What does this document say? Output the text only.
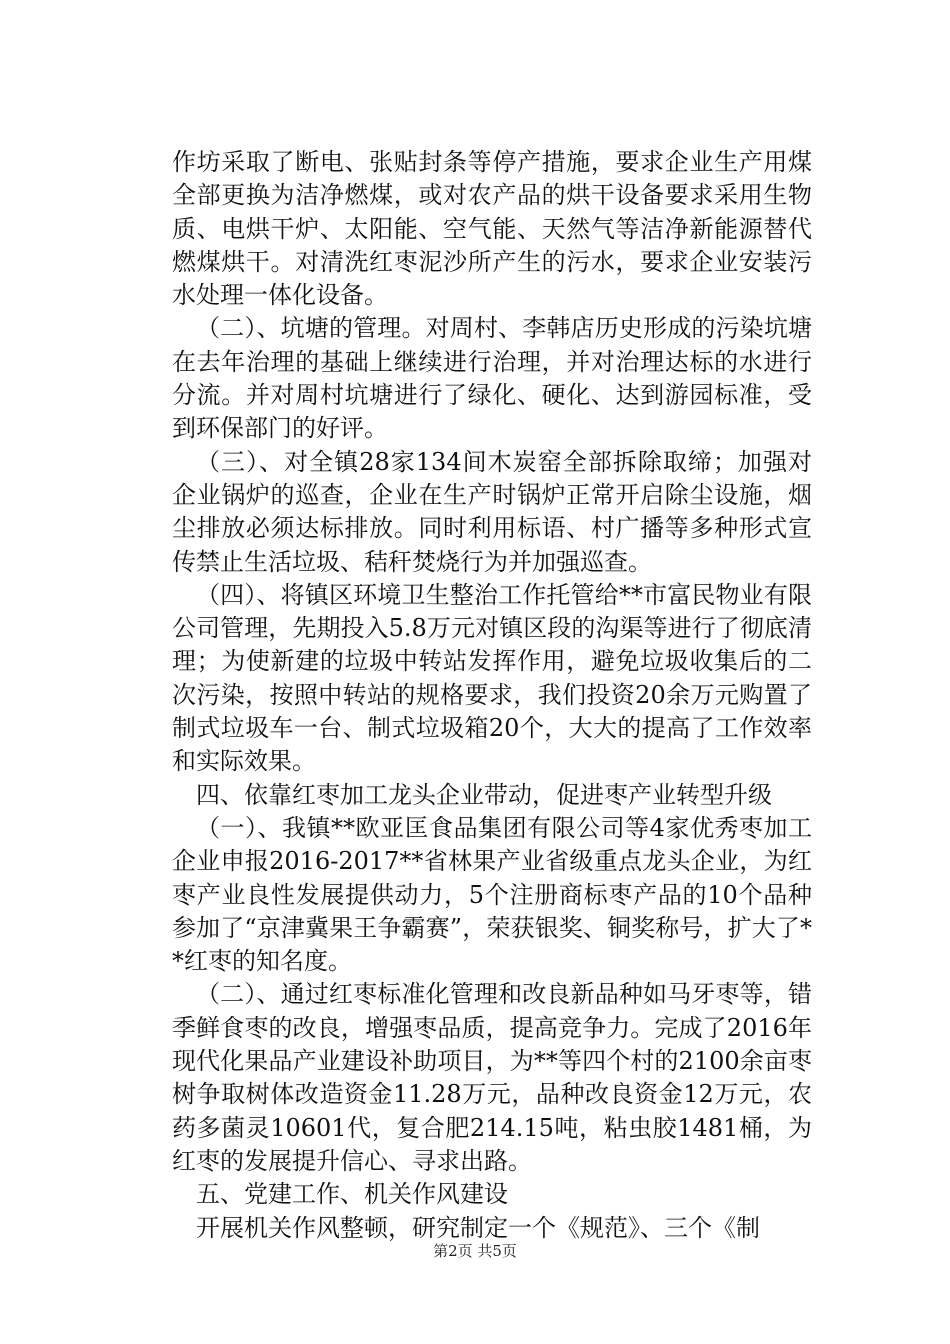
作坊采取了断电、张贴封条等停产措施，要求企业生产用煤全部更换为洁净燃煤，或对农产品的烘干设备要求采用生物质、电烘干炉、太阳能、空气能、天然气等洁净新能源替代燃煤烘干。对清洗红枣泥沙所产生的污水，要求企业安装污水处理一体化设备。

（二）、坑塘的管理。对周村、李韩店历史形成的污染坑塘在去年治理的基础上继续进行治理，并对治理达标的水进行分流。并对周村坑塘进行了绿化、硬化、达到游园标准，受到环保部门的好评。

（三）、对全镇28家134间木炭窑全部拆除取缔；加强对企业锅炉的巡查，企业在生产时锅炉正常开启除尘设施，烟尘排放必须达标排放。同时利用标语、村广播等多种形式宣传禁止生活垃圾、秸秆焚烧行为并加强巡查。

（四）、将镇区环境卫生整治工作托管给**市富民物业有限公司管理，先期投入5.8万元对镇区段的沟渠等进行了彻底清理；为使新建的垃圾中转站发挥作用，避免垃圾收集后的二次污染，按照中转站的规格要求，我们投资20余万元购置了制式垃圾车一台、制式垃圾箱20个，大大的提高了工作效率和实际效果。

四、依靠红枣加工龙头企业带动，促进枣产业转型升级

（一）、我镇**欧亚匡食品集团有限公司等4家优秀枣加工企业申报2016-2017**省林果产业省级重点龙头企业，为红枣产业良性发展提供动力，5个注册商标枣产品的10个品种参加了“京津冀果王争霸赛”，荣获银奖、铜奖称号，扩大了**红枣的知名度。

（二）、通过红枣标准化管理和改良新品种如马牙枣等，错季鲜食枣的改良，增强枣品质，提高竞争力。完成了2016年现代化果品产业建设补助项目，为**等四个村的2100余亩枣树争取树体改造资金11.28万元，品种改良资金12万元，农药多菌灵10601代，复合肥214.15吨，粘虫胶1481桶，为红枣的发展提升信心、寻求出路。

五、党建工作、机关作风建设

开展机关作风整顿，研究制定一个《规范》、三个《制

第2页 共5页
